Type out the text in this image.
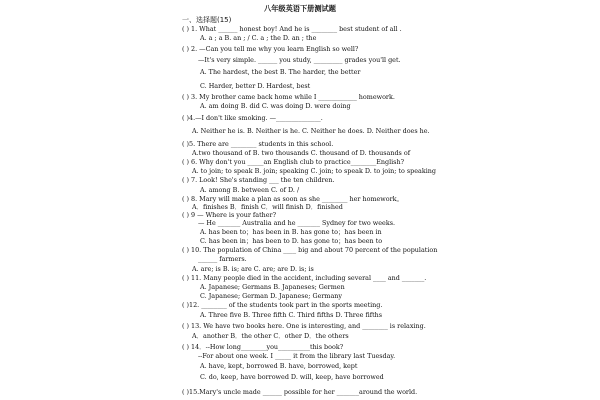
八年级英语下册测试题
一、选择题(15)
( ) 1. What ______ honest boy! And he is ________ best student of all .
A. a ; a B. an ; / C. a ; the D. an ; the
( ) 2. —Can you tell me why you learn English so well?
—It's very simple. ______ you study, _________ grades you'll get.
A. The hardest, the best B. The harder, the better
C. Harder, better D. Hardest, best
( ) 3. My brother came back home while I ____________ homework.
A. am doing B. did C. was doing D. were doing
( )4.—I don't like smoking. —______________.
A. Neither he is. B. Neither is he. C. Neither he does. D. Neither does he.
( )5. There are ________ students in this school.
A.two thousand of B. two thousands C. thousand of D. thousands of
( ) 6. Why don't you _____an English club to practice________English?
A. to join; to speak B. join; speaking C. join; to speak D. to join; to speaking
( ) 7. Look! She's standing ___ the ten children.
A. among B. between C. of D. /
( ) 8. Mary will make a plan as soon as she ________ her homework。
A．finishes B．finish C．will finish D．finished
( ) 9 — Where is your father?
— He _______ Australia and he _______ Sydney for two weeks.
A. has been to；has been in B. has gone to；has been in
C. has been in；has been to D. has gone to；has been to
( ) 10. The population of China ____ big and about 70 percent of the population
______ farmers.
A. are; is B. is; are C. are; are D. is; is
( ) 11. Many people died in the accident, including several ____ and _______.
A. Japanese; Germans B. Japaneses; Germen
C. Japanese; German D. Japanese; Germany
( )12. ________ of the students took part in the sports meeting.
A. Three five B. Three fifth C. Third fifths D. Three fifths
( ) 13. We have two books here. One is interesting, and ________ is relaxing.
A．another B．the other C．other D．the others
( ) 14．--How long________you__________this book?
--For about one week. I _____ it from the library last Tuesday.
A. have, kept, borrowed B. have, borrowed, kept
C. do, keep, have borrowed D. will, keep, have borrowed
( )15.Mary's uncle made ______ possible for her _______around the world.
